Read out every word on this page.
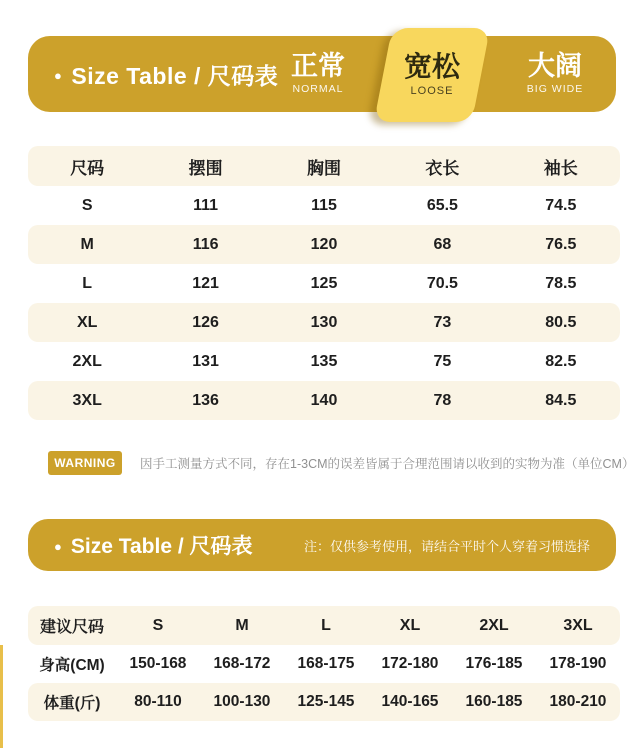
● Size Table / 尺码表 正常
NORMAL
宽松
LOOSE
大阔
BIG WIDE
尺码	摆围	胸围	衣长	袖长
S	111	115	65.5	74.5
M	116	120	68	76.5
L	121	125	70.5	78.5
XL	126	130	73	80.5
2XL	131	135	75	82.5
3XL	136	140	78	84.5
WARNING	因手工测量方式不同，存在1-3CM的误差皆属于合理范围请以收到的实物为准（单位CM）
● Size Table / 尺码表	注：仅供参考使用，请结合平时个人穿着习惯选择
建议尺码	S	M	L	XL	2XL	3XL
身高(CM)	150-168	168-172	168-175	172-180	176-185	178-190
体重(斤)	80-110	100-130	125-145	140-165	160-185	180-210
